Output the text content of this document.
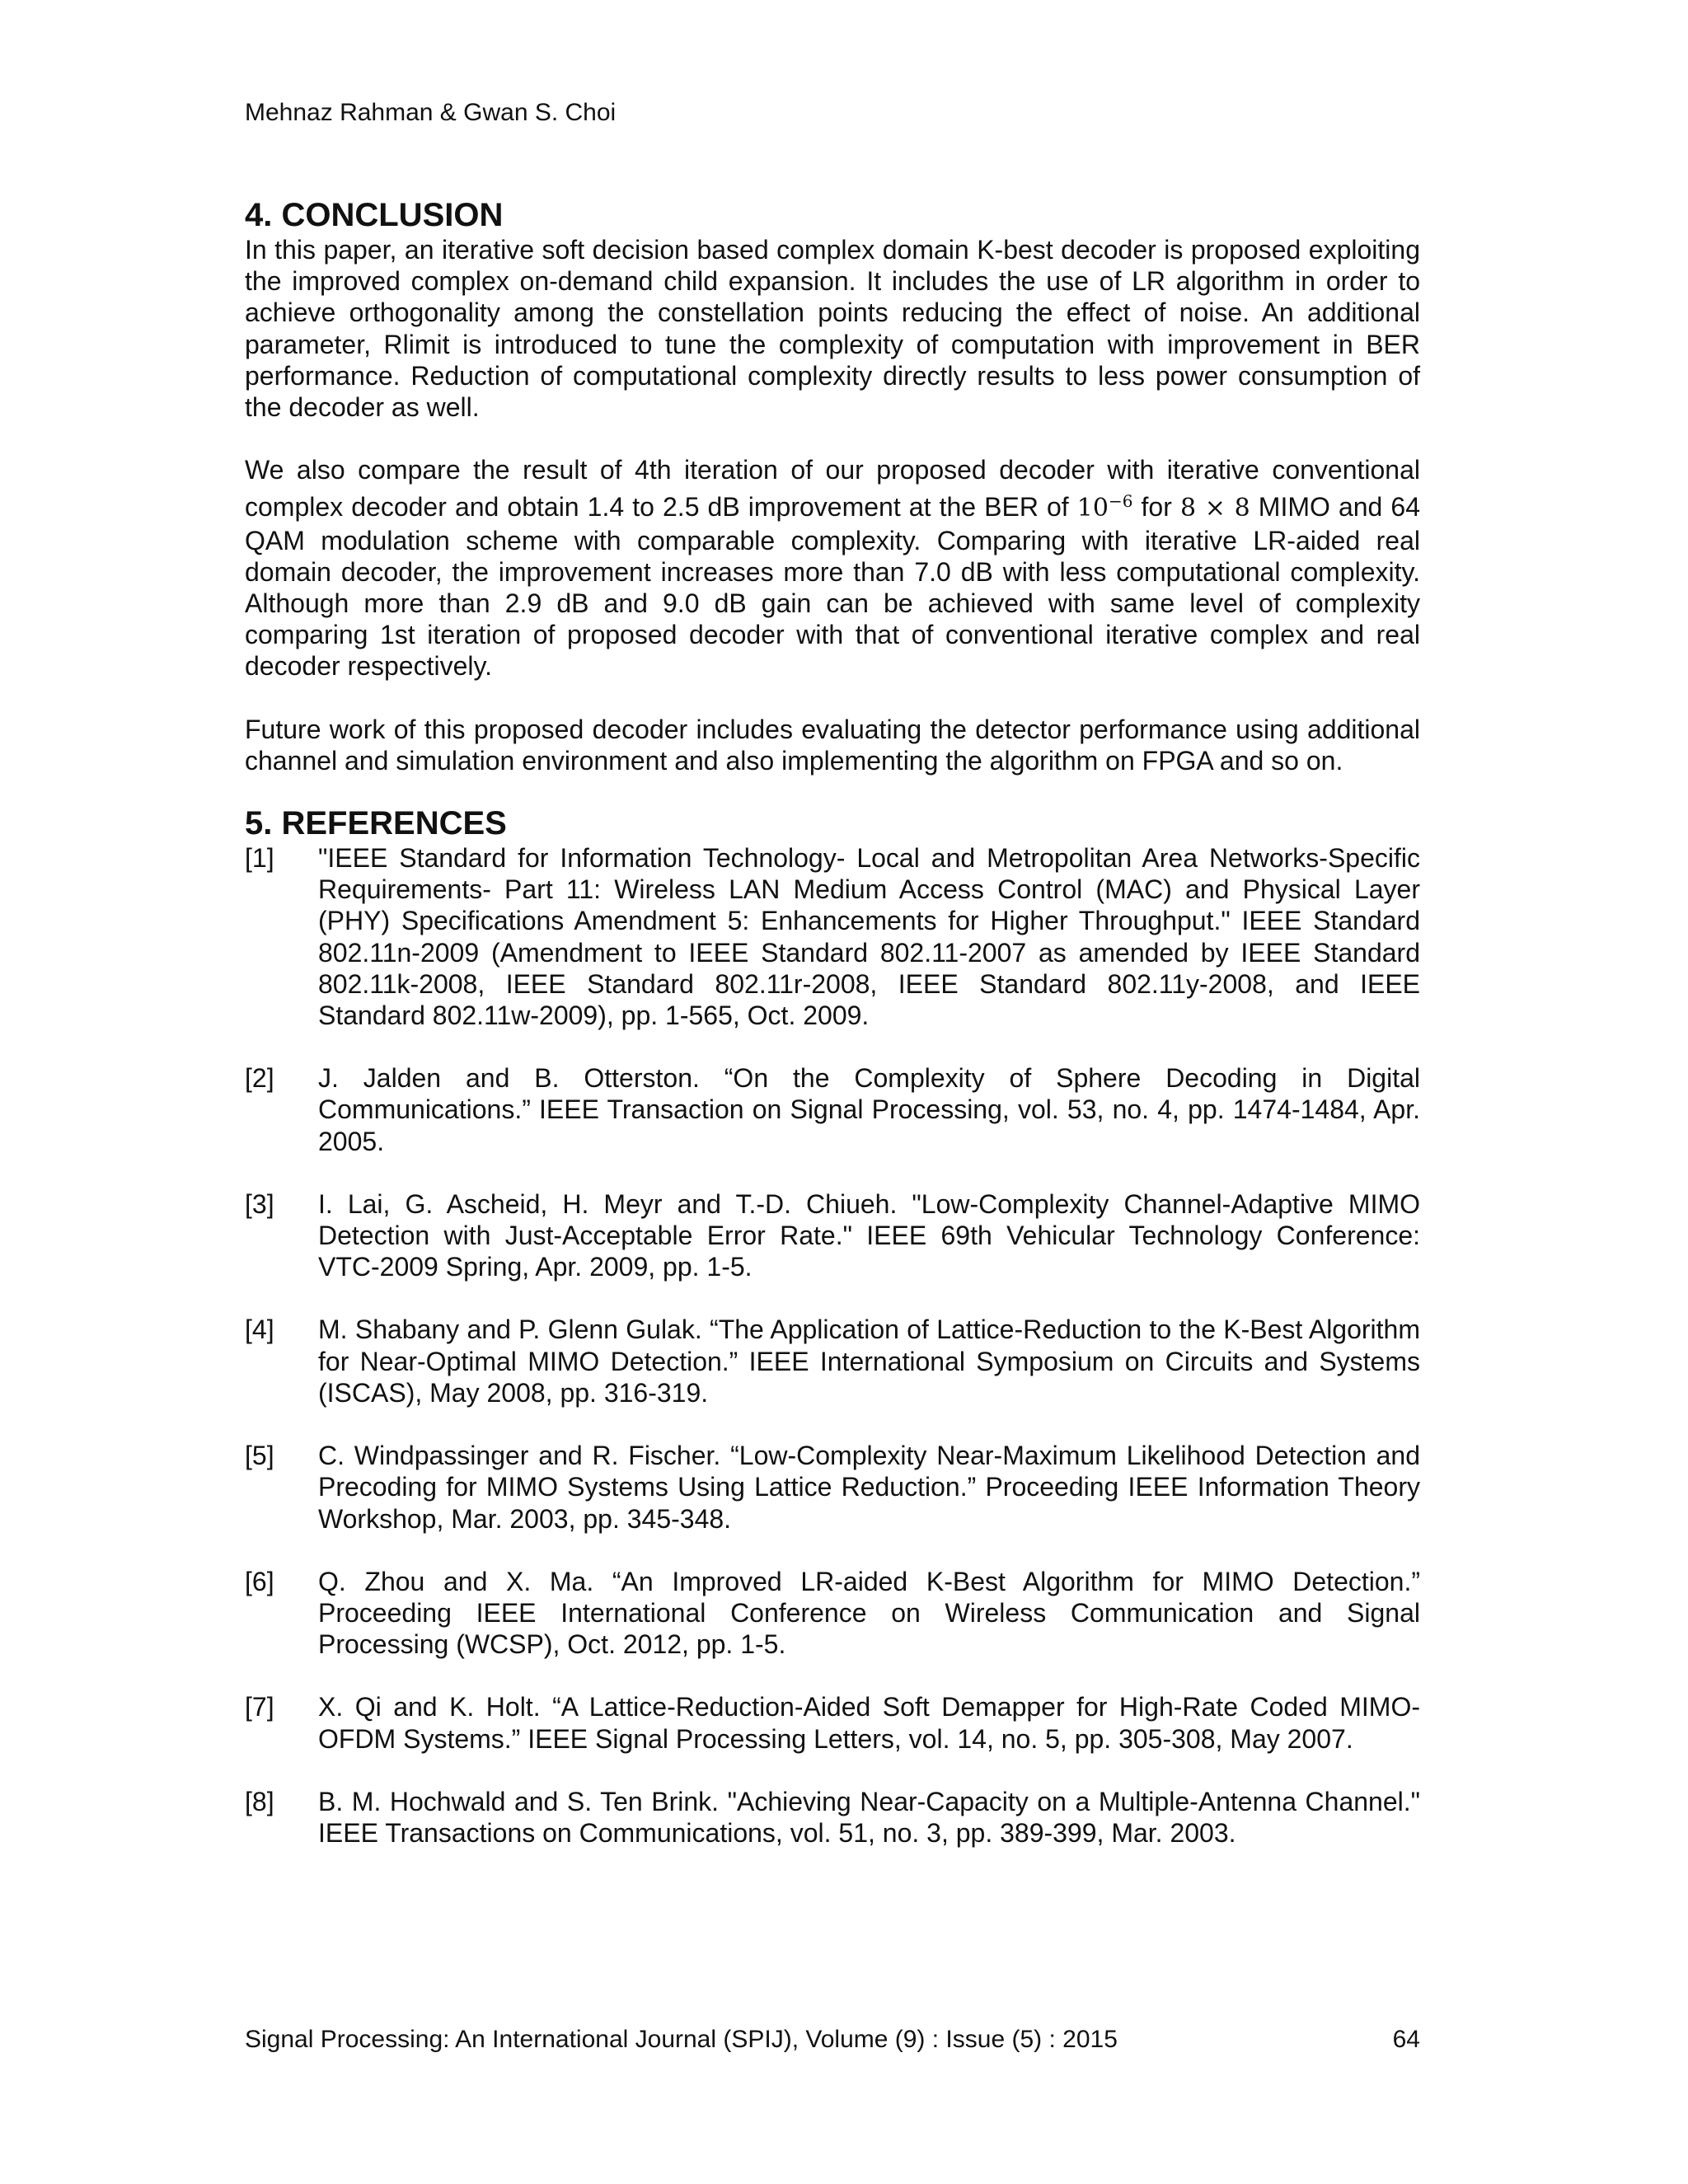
Mehnaz Rahman & Gwan S. Choi
4. CONCLUSION

In this paper, an iterative soft decision based complex domain K-best decoder is proposed exploiting the improved complex on-demand child expansion. It includes the use of LR algorithm in order to achieve orthogonality among the constellation points reducing the effect of noise. An additional parameter, Rlimit is introduced to tune the complexity of computation with improvement in BER performance. Reduction of computational complexity directly results to less power consumption of the decoder as well.

We also compare the result of 4th iteration of our proposed decoder with iterative conventional complex decoder and obtain 1.4 to 2.5 dB improvement at the BER of $10^{-6}$ for 8 × 8 MIMO and 64 QAM modulation scheme with comparable complexity. Comparing with iterative LR-aided real domain decoder, the improvement increases more than 7.0 dB with less computational complexity. Although more than 2.9 dB and 9.0 dB gain can be achieved with same level of complexity comparing 1st iteration of proposed decoder with that of conventional iterative complex and real decoder respectively.

Future work of this proposed decoder includes evaluating the detector performance using additional channel and simulation environment and also implementing the algorithm on FPGA and so on.

5. REFERENCES
[1]	"IEEE Standard for Information Technology- Local and Metropolitan Area Networks-Specific Requirements- Part 11: Wireless LAN Medium Access Control (MAC) and Physical Layer (PHY) Specifications Amendment 5: Enhancements for Higher Throughput." IEEE Standard 802.11n-2009 (Amendment to IEEE Standard 802.11-2007 as amended by IEEE Standard 802.11k-2008, IEEE Standard 802.11r-2008, IEEE Standard 802.11y-2008, and IEEE Standard 802.11w-2009), pp. 1-565, Oct. 2009.
[2]	J. Jalden and B. Otterston. “On the Complexity of Sphere Decoding in Digital Communications.” IEEE Transaction on Signal Processing, vol. 53, no. 4, pp. 1474-1484, Apr. 2005.
[3]	I. Lai, G. Ascheid, H. Meyr and T.-D. Chiueh. "Low-Complexity Channel-Adaptive MIMO Detection with Just-Acceptable Error Rate." IEEE 69th Vehicular Technology Conference: VTC-2009 Spring, Apr. 2009, pp. 1-5.
[4]	M. Shabany and P. Glenn Gulak. “The Application of Lattice-Reduction to the K-Best Algorithm for Near-Optimal MIMO Detection.” IEEE International Symposium on Circuits and Systems (ISCAS), May 2008, pp. 316-319.
[5]	C. Windpassinger and R. Fischer. “Low-Complexity Near-Maximum Likelihood Detection and Precoding for MIMO Systems Using Lattice Reduction.” Proceeding IEEE Information Theory Workshop, Mar. 2003, pp. 345-348.
[6]	Q. Zhou and X. Ma. “An Improved LR-aided K-Best Algorithm for MIMO Detection.” Proceeding IEEE International Conference on Wireless Communication and Signal Processing (WCSP), Oct. 2012, pp. 1-5.
[7]	X. Qi and K. Holt. “A Lattice-Reduction-Aided Soft Demapper for High-Rate Coded MIMO-OFDM Systems.” IEEE Signal Processing Letters, vol. 14, no. 5, pp. 305-308, May 2007.
[8]	B. M. Hochwald and S. Ten Brink. "Achieving Near-Capacity on a Multiple-Antenna Channel." IEEE Transactions on Communications, vol. 51, no. 3, pp. 389-399, Mar. 2003.
Signal Processing: An International Journal (SPIJ), Volume (9) : Issue (5) : 2015	64
